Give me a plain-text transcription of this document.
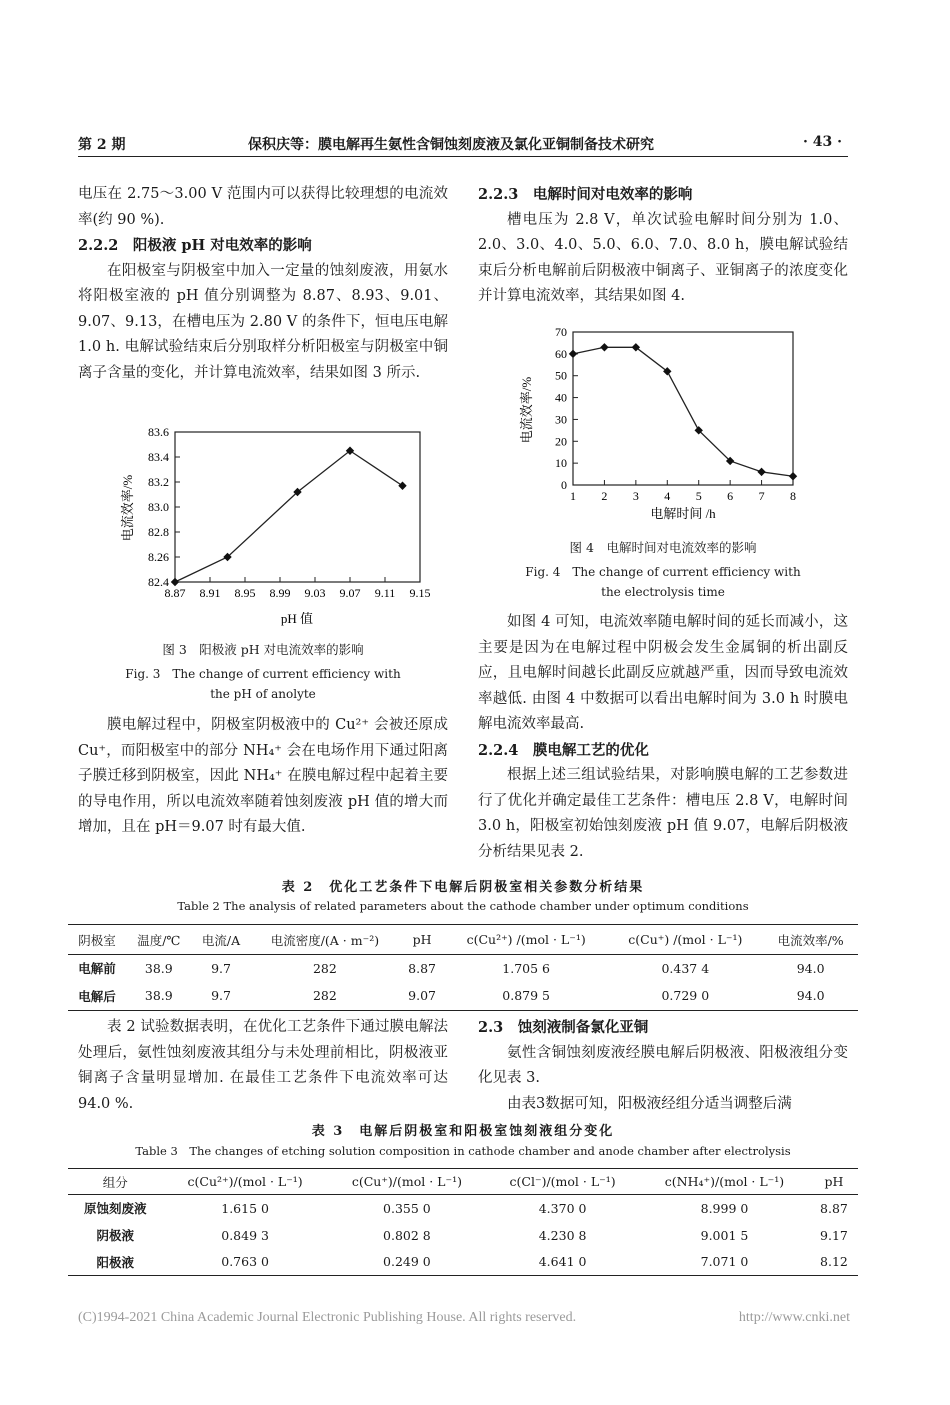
第 2 期	保积庆等：膜电解再生氨性含铜蚀刻废液及氯化亚铜制备技术研究	· 43 ·

电压在 2.75～3.00 V 范围内可以获得比较理想的电流效率(约 90 %).

2.2.2　阳极液 pH 对电效率的影响

在阳极室与阴极室中加入一定量的蚀刻废液，用氨水将阳极室液的 pH 值分别调整为 8.87、8.93、9.01、9.07、9.13，在槽电压为 2.80 V 的条件下，恒电压电解 1.0 h. 电解试验结束后分别取样分析阳极室与阴极室中铜离子含量的变化，并计算电流效率，结果如图 3 所示.

电流效率/%
83.6
83.4
83.2
83.0
82.8
8.26
82.4
8.87 8.91 8.95 8.99 9.03 9.07 9.11 9.15
pH 值
图 3　阳极液 pH 对电流效率的影响
Fig. 3　The change of current efficiency with
the pH of anolyte

膜电解过程中，阴极室阴极液中的 Cu²⁺ 会被还原成 Cu⁺，而阳极室中的部分 NH₄⁺ 会在电场作用下通过阳离子膜迁移到阴极室，因此 NH₄⁺ 在膜电解过程中起着主要的导电作用，所以电流效率随着蚀刻废液 pH 值的增大而增加，且在 pH＝9.07 时有最大值.

2.2.3　电解时间对电效率的影响

槽电压为 2.8 V，单次试验电解时间分别为 1.0、2.0、3.0、4.0、5.0、6.0、7.0、8.0 h，膜电解试验结束后分析电解前后阴极液中铜离子、亚铜离子的浓度变化并计算电流效率，其结果如图 4.

电流效率/%
70
60
50
40
30
20
10
0
1 2 3 4 5 6 7 8
电解时间 /h
图 4　电解时间对电流效率的影响
Fig. 4　The change of current efficiency with
the electrolysis time

如图 4 可知，电流效率随电解时间的延长而减小，这主要是因为在电解过程中阴极会发生金属铜的析出副反应，且电解时间越长此副反应就越严重，因而导致电流效率越低. 由图 4 中数据可以看出电解时间为 3.0 h 时膜电解电流效率最高.

2.2.4　膜电解工艺的优化

根据上述三组试验结果，对影响膜电解的工艺参数进行了优化并确定最佳工艺条件：槽电压 2.8 V，电解时间 3.0 h，阳极室初始蚀刻废液 pH 值 9.07，电解后阴极液分析结果见表 2.

表 2　优化工艺条件下电解后阴极室相关参数分析结果
Table 2 The analysis of related parameters about the cathode chamber under optimum conditions
阴极室	温度/℃	电流/A	电流密度/(A · m⁻²)	pH	c(Cu²⁺) /(mol · L⁻¹)	c(Cu⁺) /(mol · L⁻¹)	电流效率/%
电解前	38.9	9.7	282	8.87	1.705 6	0.437 4	94.0
电解后	38.9	9.7	282	9.07	0.879 5	0.729 0	94.0

表 2 试验数据表明，在优化工艺条件下通过膜电解法处理后，氨性蚀刻废液其组分与未处理前相比，阴极液亚铜离子含量明显增加. 在最佳工艺条件下电流效率可达 94.0 %.

2.3　蚀刻液制备氯化亚铜

氨性含铜蚀刻废液经膜电解后阴极液、阳极液组分变化见表 3.

由表3数据可知，阳极液经组分适当调整后满

表 3　电解后阴极室和阳极室蚀刻液组分变化
Table 3　The changes of etching solution composition in cathode chamber and anode chamber after electrolysis
组分	c(Cu²⁺)/(mol · L⁻¹)	c(Cu⁺)/(mol · L⁻¹)	c(Cl⁻)/(mol · L⁻¹)	c(NH₄⁺)/(mol · L⁻¹)	pH
原蚀刻废液	1.615 0	0.355 0	4.370 0	8.999 0	8.87
阴极液	0.849 3	0.802 8	4.230 8	9.001 5	9.17
阳极液	0.763 0	0.249 0	4.641 0	7.071 0	8.12
(C)1994-2021 China Academic Journal Electronic Publishing House. All rights reserved.	http://www.cnki.net
